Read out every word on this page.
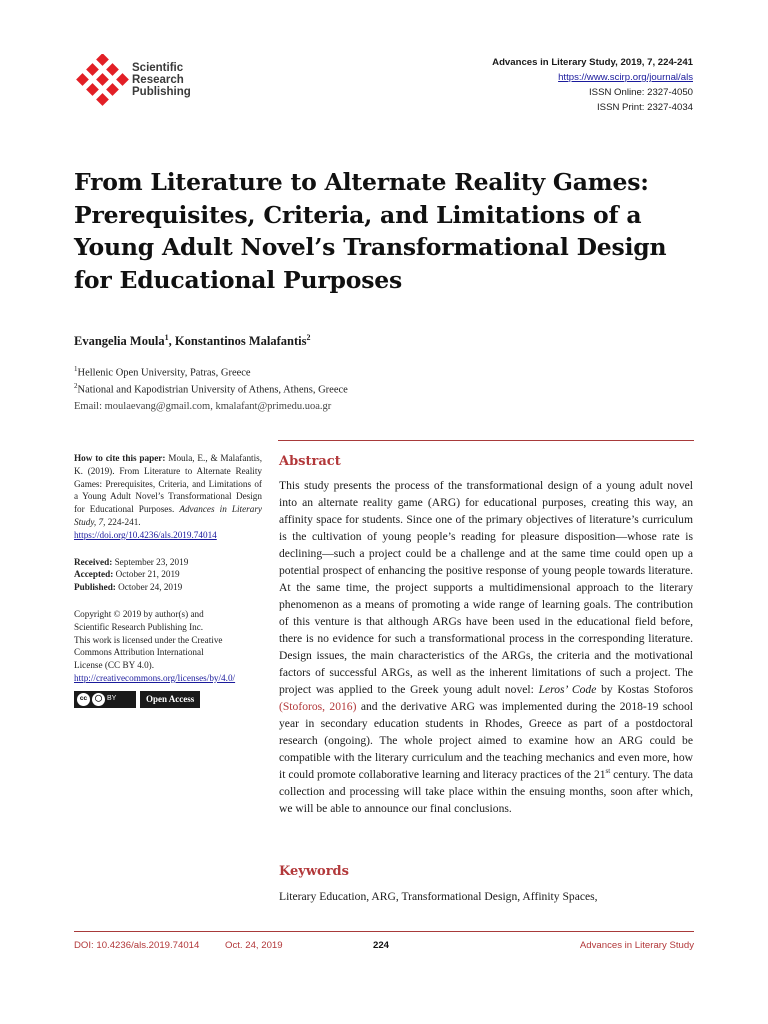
Scientific
Research
Publishing
Advances in Literary Study, 2019, 7, 224-241
https://www.scirp.org/journal/als
ISSN Online: 2327-4050
ISSN Print: 2327-4034
From Literature to Alternate Reality Games: Prerequisites, Criteria, and Limitations of a Young Adult Novel’s Transformational Design for Educational Purposes
Evangelia Moula$^1$, Konstantinos Malafantis$^2$
$^1$Hellenic Open University, Patras, Greece
$^2$National and Kapodistrian University of Athens, Athens, Greece
Email: moulaevang@gmail.com, kmalafant@primedu.uoa.gr

How to cite this paper: Moula, E., & Malafantis, K. (2019). From Literature to Alternate Reality Games: Prerequisites, Criteria, and Limitations of a Young Adult Novel’s Transformational Design for Educational Purposes. Advances in Literary Study, 7, 224-241.
https://doi.org/10.4236/als.2019.74014

Received: September 23, 2019
Accepted: October 21, 2019
Published: October 24, 2019
Copyright © 2019 by author(s) and
Scientific Research Publishing Inc.
This work is licensed under the Creative
Commons Attribution International
License (CC BY 4.0).
http://creativecommons.org/licenses/by/4.0/
cc	◯ BY	Open Access
Abstract

This study presents the process of the transformational design of a young adult novel into an alternate reality game (ARG) for educational purposes, creating this way, an affinity space for students. Since one of the primary objectives of literature’s curriculum is the cultivation of young people’s reading for pleasure disposition—whose rate is declining—such a project could be a challenge and at the same time could open up a potential prospect of enhancing the positive response of young people towards literature. At the same time, the project supports a multidimensional approach to the literary phenomenon as a means of promoting a wide range of learning goals. The contribution of this venture is that although ARGs have been used in the educational field before, there is no evidence for such a transformational process in the corresponding literature. Design issues, the main characteristics of the ARGs, the criteria and the motivational factors of successful ARGs, as well as the inherent limitations of such a project. The project was applied to the Greek young adult novel: Leros’ Code by Kostas Stoforos (Stoforos, 2016) and the derivative ARG was implemented during the 2018-19 school year in secondary education students in Rhodes, Greece as part of a postdoctoral research (ongoing). The whole project aimed to examine how an ARG could be compatible with the literary curriculum and the teaching mechanics and even more, how it could promote collaborative learning and literacy practices of the 21st century. The data collection and processing will take place within the ensuing months, soon after which, we will be able to announce our final conclusions.

Keywords
Literary Education, ARG, Transformational Design, Affinity Spaces,
DOI: 10.4236/als.2019.74014	Oct. 24, 2019	224	Advances in Literary Study
